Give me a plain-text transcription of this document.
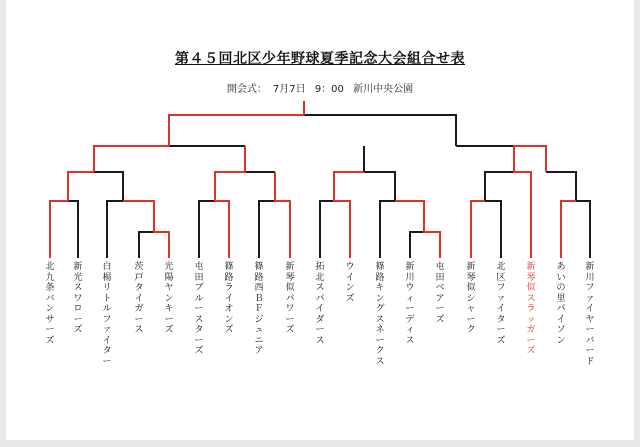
第４５回北区少年野球夏季記念大会組合せ表
開会式： 7月7日 9：00 新川中央公園
北九条バンサーズ
新光スワローズ
白楊リトルファイター
茨戸タイガース
光陽ヤンキーズ
屯田ブルースターズ
篠路ライオンズ
篠路西ＢＦジュニア
新琴似パワーズ
拓北スパイダース
ウインズ
篠路キングスネークス
新川ウィーディス
屯田ベアーズ
新琴似シャーク
北区ファイターズ
新琴似スラッガーズ
あいの里パイソン
新川ファイヤーバード
